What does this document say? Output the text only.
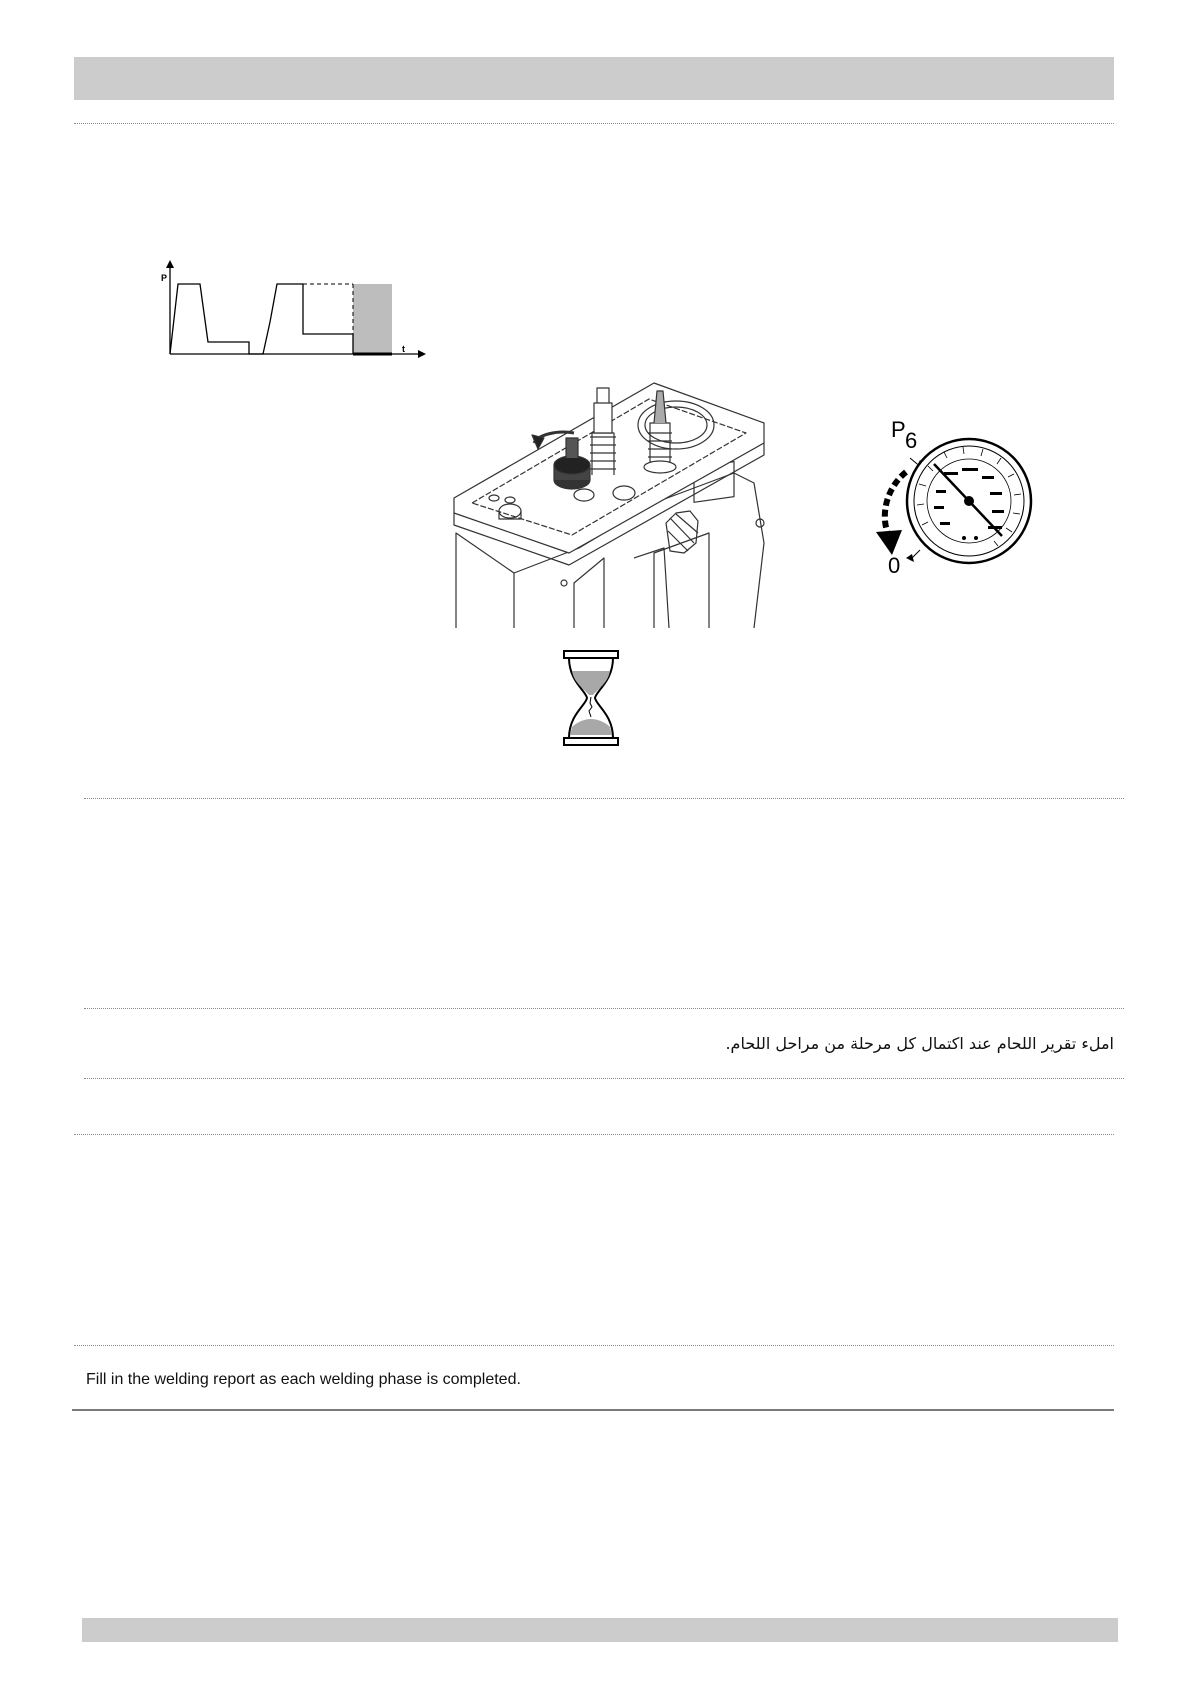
P
t
P 6
0
املء تقرير اللحام عند اكتمال كل مرحلة من مراحل اللحام.
Fill in the welding report as each welding phase is completed.
